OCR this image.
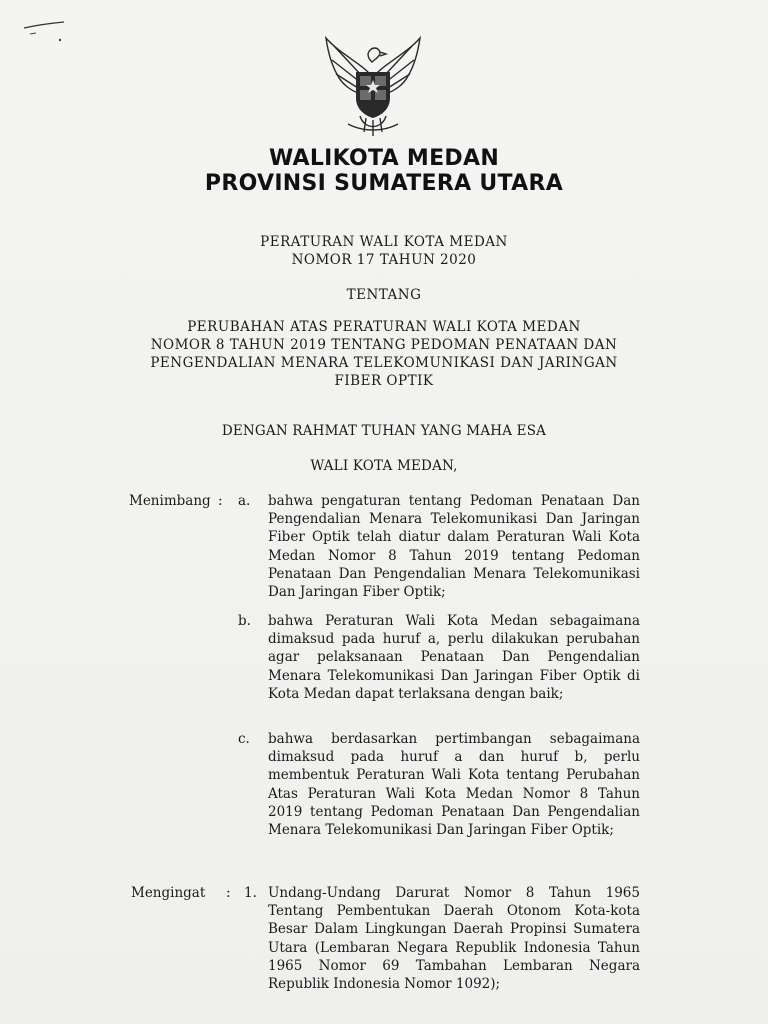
WALIKOTA MEDAN
PROVINSI SUMATERA UTARA
PERATURAN WALI KOTA MEDAN
NOMOR 17 TAHUN 2020
TENTANG
PERUBAHAN ATAS PERATURAN WALI KOTA MEDAN
NOMOR 8 TAHUN 2019 TENTANG PEDOMAN PENATAAN DAN
PENGENDALIAN MENARA TELEKOMUNIKASI DAN JARINGAN
FIBER OPTIK
DENGAN RAHMAT TUHAN YANG MAHA ESA
WALI KOTA MEDAN,
Menimbang : a. bahwa pengaturan tentang Pedoman Penataan Dan Pengendalian Menara Telekomunikasi Dan Jaringan Fiber Optik telah diatur dalam Peraturan Wali Kota Medan Nomor 8 Tahun 2019 tentang Pedoman Penataan Dan Pengendalian Menara Telekomunikasi Dan Jaringan Fiber Optik;
b. bahwa Peraturan Wali Kota Medan sebagaimana dimaksud pada huruf a, perlu dilakukan perubahan agar pelaksanaan Penataan Dan Pengendalian Menara Telekomunikasi Dan Jaringan Fiber Optik di Kota Medan dapat terlaksana dengan baik;
c. bahwa berdasarkan pertimbangan sebagaimana dimaksud pada huruf a dan huruf b, perlu membentuk Peraturan Wali Kota tentang Perubahan Atas Peraturan Wali Kota Medan Nomor 8 Tahun 2019 tentang Pedoman Penataan Dan Pengendalian Menara Telekomunikasi Dan Jaringan Fiber Optik;
Mengingat : 1. Undang-Undang Darurat Nomor 8 Tahun 1965 Tentang Pembentukan Daerah Otonom Kota-kota Besar Dalam Lingkungan Daerah Propinsi Sumatera Utara (Lembaran Negara Republik Indonesia Tahun 1965 Nomor 69 Tambahan Lembaran Negara Republik Indonesia Nomor 1092);
